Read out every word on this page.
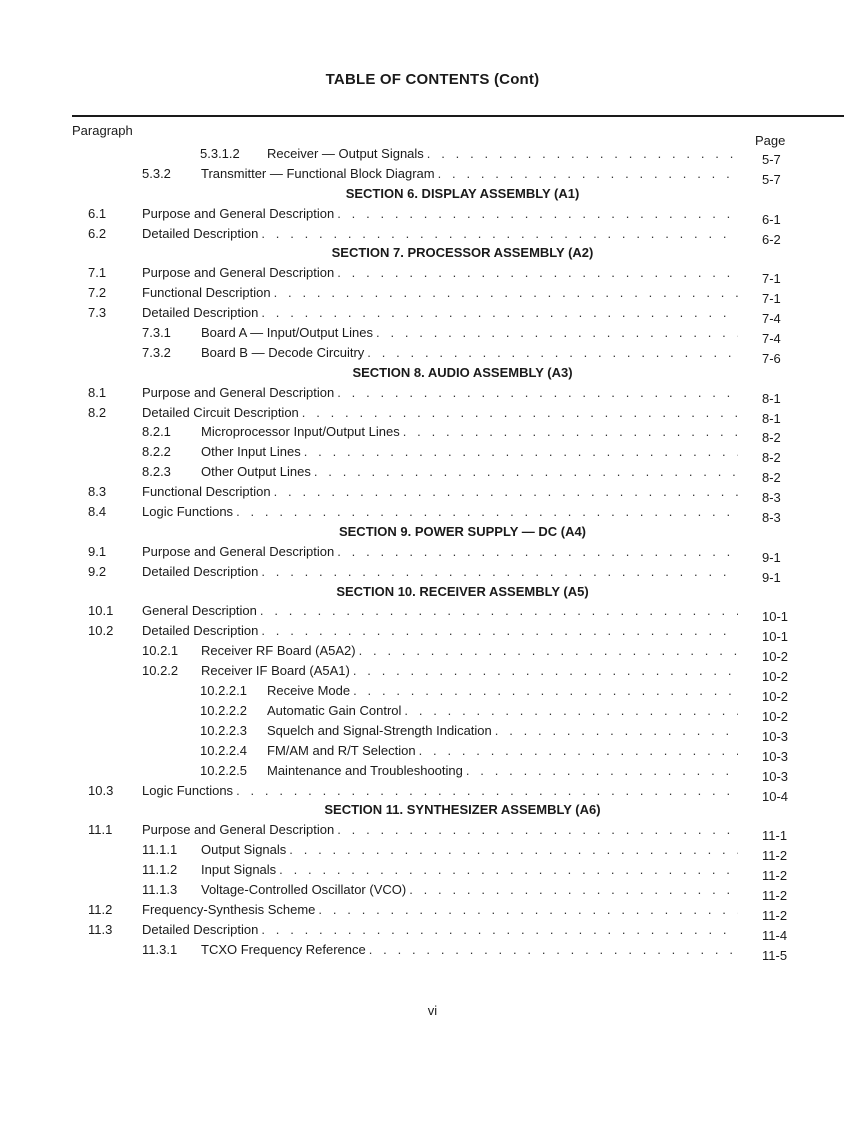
TABLE OF CONTENTS (Cont)
Paragraph
Page
5.3.1.2 Receiver — Output Signals . . .	5-7
5.3.2 Transmitter — Functional Block Diagram . . .	5-7
SECTION 6. DISPLAY ASSEMBLY (A1)
6.1	Purpose and General Description . . .	6-1
6.2	Detailed Description . . .	6-2
SECTION 7. PROCESSOR ASSEMBLY (A2)
7.1	Purpose and General Description . . .	7-1
7.2	Functional Description . . .	7-1
7.3	Detailed Description . . .	7-4
7.3.1 Board A — Input/Output Lines . . .	7-4
7.3.2 Board B — Decode Circuitry . . .	7-6
SECTION 8. AUDIO ASSEMBLY (A3)
8.1	Purpose and General Description . . .	8-1
8.2	Detailed Circuit Description . . .	8-1
8.2.1 Microprocessor Input/Output Lines . . .	8-2
8.2.2 Other Input Lines . . .	8-2
8.2.3 Other Output Lines . . .	8-2
8.3	Functional Description . . .	8-3
8.4	Logic Functions . . .	8-3
SECTION 9. POWER SUPPLY — DC (A4)
9.1	Purpose and General Description . . .	9-1
9.2	Detailed Description . . .	9-1
SECTION 10. RECEIVER ASSEMBLY (A5)
10.1 General Description . . .	10-1
10.2 Detailed Description . . .	10-1
10.2.1 Receiver RF Board (A5A2) . . .	10-2
10.2.2 Receiver IF Board (A5A1) . . .	10-2
10.2.2.1 Receive Mode . . .	10-2
10.2.2.2 Automatic Gain Control . . .	10-2
10.2.2.3 Squelch and Signal-Strength Indication . . .	10-3
10.2.2.4 FM/AM and R/T Selection . . .	10-3
10.2.2.5 Maintenance and Troubleshooting . . .	10-3
10.3 Logic Functions . . .	10-4
SECTION 11. SYNTHESIZER ASSEMBLY (A6)
11.1 Purpose and General Description . . .	11-1
11.1.1 Output Signals . . .	11-2
11.1.2 Input Signals . . .	11-2
11.1.3 Voltage-Controlled Oscillator (VCO) . . .	11-2
11.2 Frequency-Synthesis Scheme . . .	11-2
11.3 Detailed Description . . .	11-4
11.3.1 TCXO Frequency Reference . . .	11-5
vi
